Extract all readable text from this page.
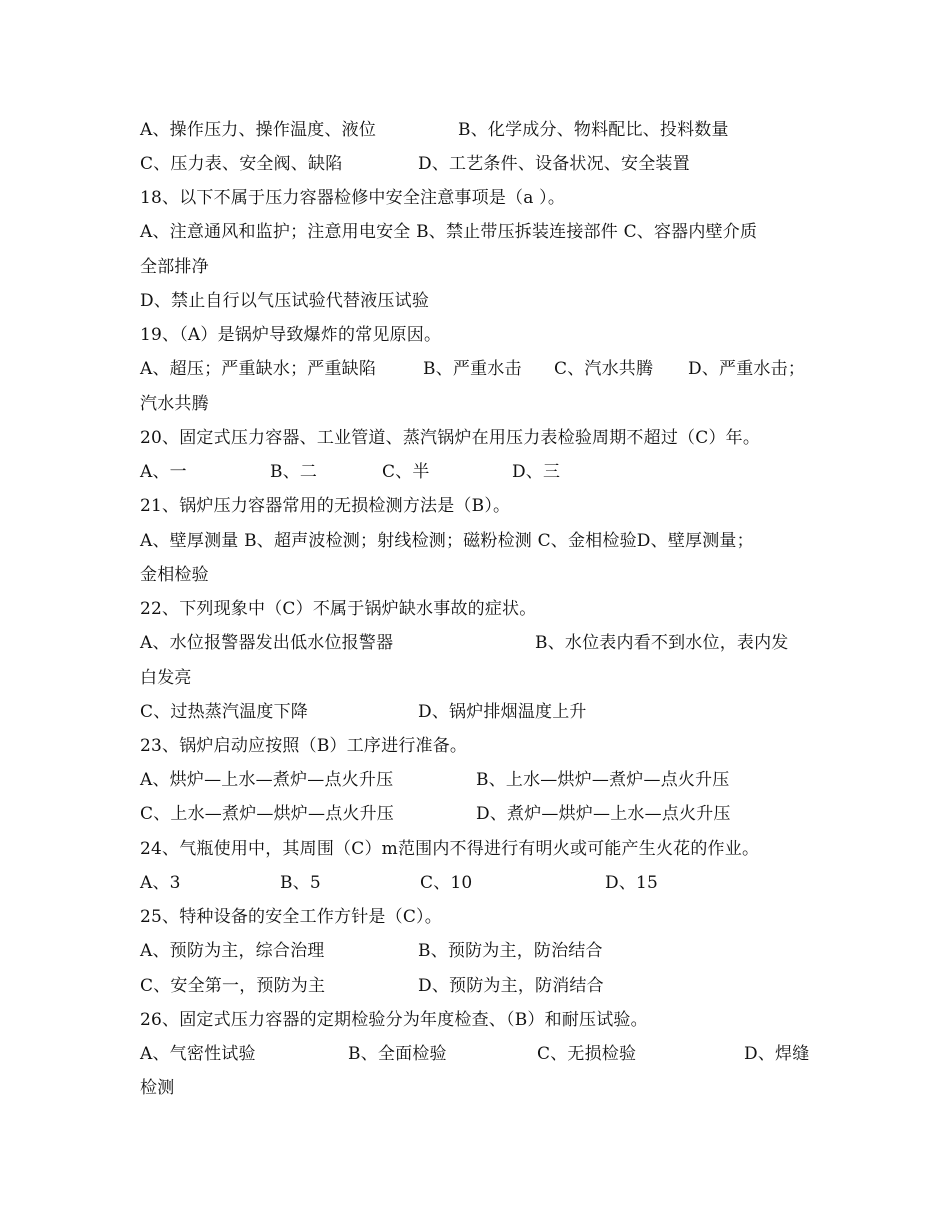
A、操作压力、操作温度、液位

	B、化学成分、物料配比、投料数量

C、压力表、安全阀、缺陷

	D、工艺条件、设备状况、安全装置

18、以下不属于压力容器检修中安全注意事项是（a ）。
A、注意通风和监护；注意用电安全 B、禁止带压拆装连接部件 C、容器内壁介质
全部排净
D、禁止自行以气压试验代替液压试验
19、（A）是锅炉导致爆炸的常见原因。

A、超压；严重缺水；严重缺陷

	B、严重水击

C、汽水共腾

D、严重水击；

汽水共腾
20、固定式压力容器、工业管道、蒸汽锅炉在用压力表检验周期不超过（C）年。

A、一

	B、二

	C、半

	D、三

21、锅炉压力容器常用的无损检测方法是（B）。
A、壁厚测量 B、超声波检测；射线检测；磁粉检测 C、金相检验D、壁厚测量；
金相检验
22、下列现象中（C）不属于锅炉缺水事故的症状。

A、水位报警器发出低水位报警器

	B、水位表内看不到水位，表内发

白发亮

C、过热蒸汽温度下降

	D、锅炉排烟温度上升

23、锅炉启动应按照（B）工序进行准备。

A、烘炉—上水—煮炉—点火升压

	B、上水—烘炉—煮炉—点火升压

C、上水—煮炉—烘炉—点火升压

	D、煮炉—烘炉—上水—点火升压

24、气瓶使用中，其周围（C）m范围内不得进行有明火或可能产生火花的作业。

A、3

	B、5

	C、10

	D、15

25、特种设备的安全工作方针是（C）。

A、预防为主，综合治理

	B、预防为主，防治结合

C、安全第一，预防为主

	D、预防为主，防消结合

26、固定式压力容器的定期检验分为年度检查、（B）和耐压试验。

A、气密性试验

	B、全面检验

	C、无损检验

	D、焊缝

检测
